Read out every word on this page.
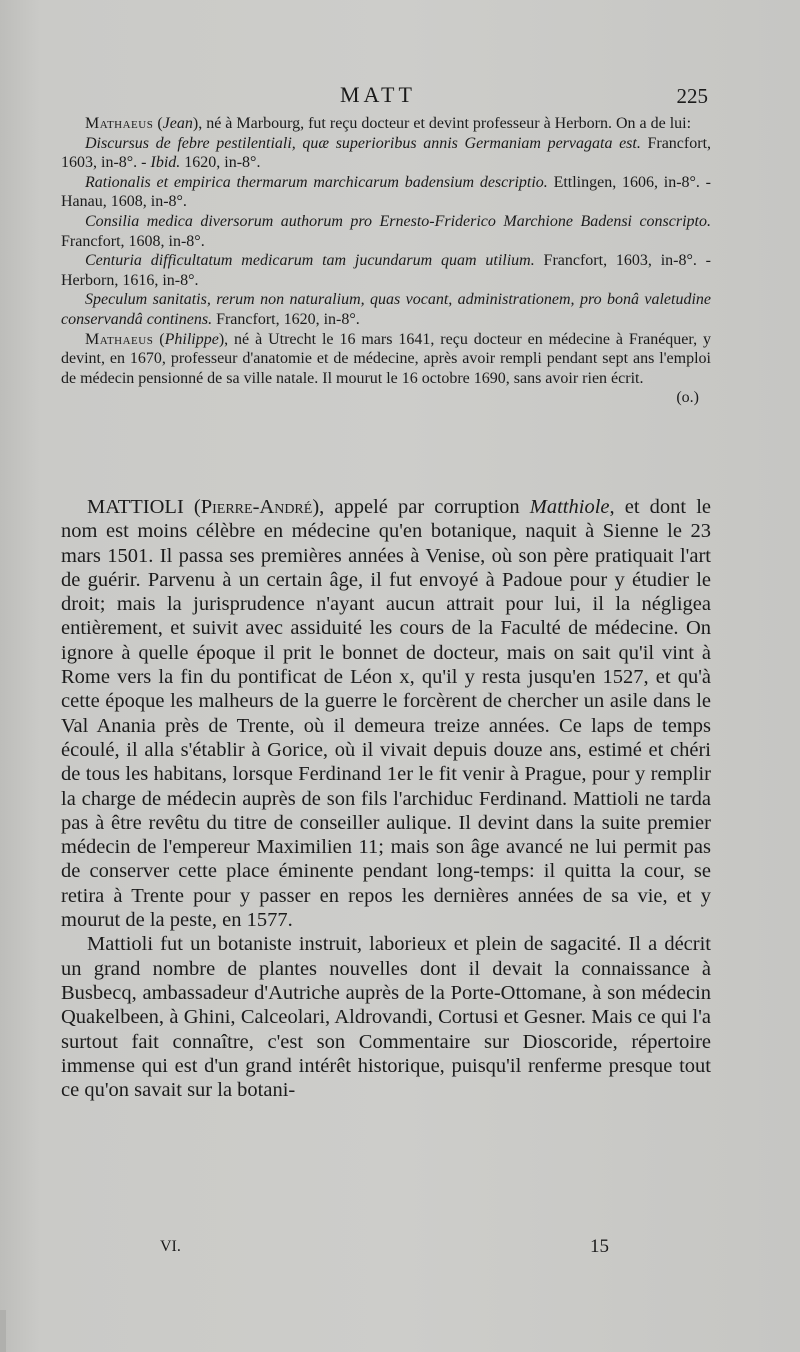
MATT	225

Mathaeus (Jean), né à Marbourg, fut reçu docteur et devint professeur à Herborn. On a de lui:

Discursus de febre pestilentiali, quæ superioribus annis Germaniam pervagata est. Francfort, 1603, in-8°. - Ibid. 1620, in-8°.

Rationalis et empirica thermarum marchicarum badensium descriptio. Ettlingen, 1606, in-8°. - Hanau, 1608, in-8°.

Consilia medica diversorum authorum pro Ernesto-Friderico Marchione Badensi conscripto. Francfort, 1608, in-8°.

Centuria difficultatum medicarum tam jucundarum quam utilium. Francfort, 1603, in-8°. - Herborn, 1616, in-8°.

Speculum sanitatis, rerum non naturalium, quas vocant, administrationem, pro bonâ valetudine conservandâ continens. Francfort, 1620, in-8°.

Mathaeus (Philippe), né à Utrecht le 16 mars 1641, reçu docteur en médecine à Franéquer, y devint, en 1670, professeur d'anatomie et de médecine, après avoir rempli pendant sept ans l'emploi de médecin pensionné de sa ville natale. Il mourut le 16 octobre 1690, sans avoir rien écrit.

(o.)

MATTIOLI (Pierre-André), appelé par corruption Matthiole, et dont le nom est moins célèbre en médecine qu'en botanique, naquit à Sienne le 23 mars 1501. Il passa ses premières années à Venise, où son père pratiquait l'art de guérir. Parvenu à un certain âge, il fut envoyé à Padoue pour y étudier le droit; mais la jurisprudence n'ayant aucun attrait pour lui, il la négligea entièrement, et suivit avec assiduité les cours de la Faculté de médecine. On ignore à quelle époque il prit le bonnet de docteur, mais on sait qu'il vint à Rome vers la fin du pontificat de Léon x, qu'il y resta jusqu'en 1527, et qu'à cette époque les malheurs de la guerre le forcèrent de chercher un asile dans le Val Anania près de Trente, où il demeura treize années. Ce laps de temps écoulé, il alla s'établir à Gorice, où il vivait depuis douze ans, estimé et chéri de tous les habitans, lorsque Ferdinand 1er le fit venir à Prague, pour y remplir la charge de médecin auprès de son fils l'archiduc Ferdinand. Mattioli ne tarda pas à être revêtu du titre de conseiller aulique. Il devint dans la suite premier médecin de l'empereur Maximilien 11; mais son âge avancé ne lui permit pas de conserver cette place éminente pendant long-temps: il quitta la cour, se retira à Trente pour y passer en repos les dernières années de sa vie, et y mourut de la peste, en 1577.

Mattioli fut un botaniste instruit, laborieux et plein de sagacité. Il a décrit un grand nombre de plantes nouvelles dont il devait la connaissance à Busbecq, ambassadeur d'Autriche auprès de la Porte-Ottomane, à son médecin Quakelbeen, à Ghini, Calceolari, Aldrovandi, Cortusi et Gesner. Mais ce qui l'a surtout fait connaître, c'est son Commentaire sur Dioscoride, répertoire immense qui est d'un grand intérêt historique, puisqu'il renferme presque tout ce qu'on savait sur la botani-

VI.	15
